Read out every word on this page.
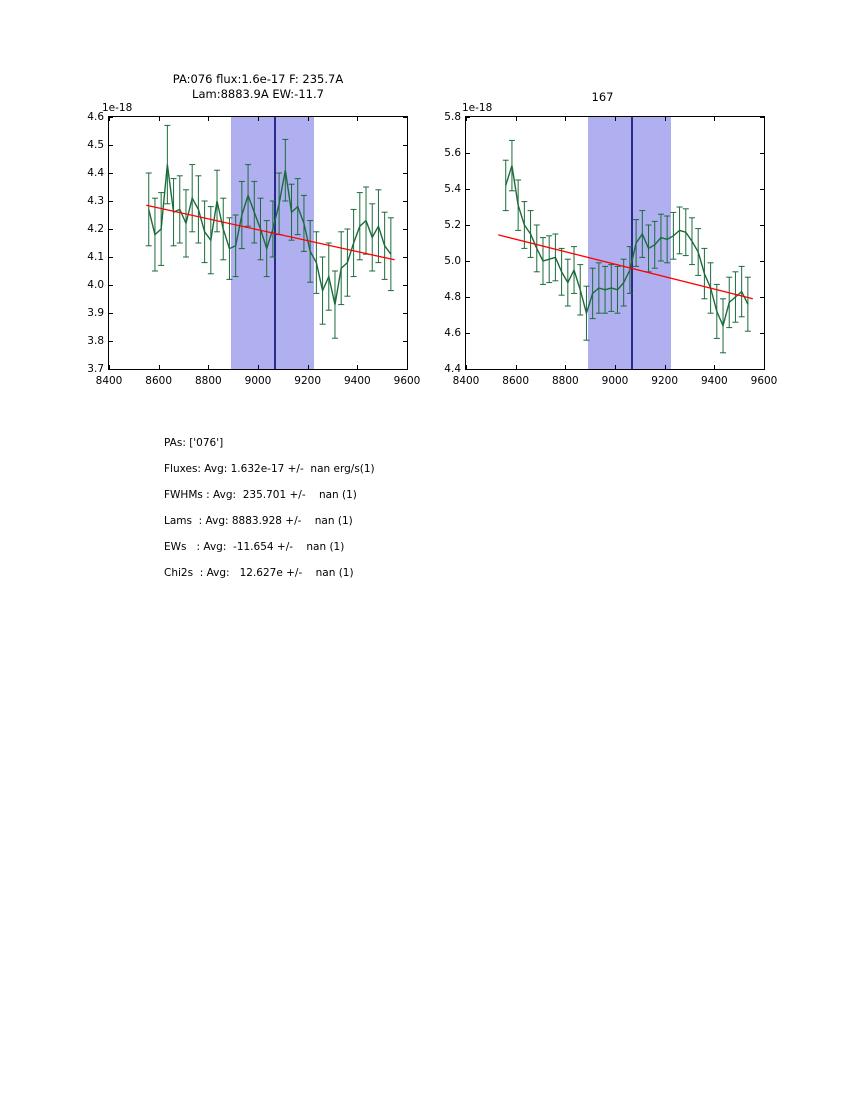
PA:076 flux:1.6e-17 F: 235.7A
Lam:8883.9A EW:-11.7
1e-18
3.7
3.8
3.9
4.0
4.1
4.2
4.3
4.4
4.5
4.6
8400 8600 8800 9000 9200 9400 9600
167
1e-18
4.4
4.6
4.8
5.0
5.2
5.4
5.6
5.8
8400 8600 8800 9000 9200 9400 9600
PAs: ['076']
Fluxes: Avg: 1.632e-17 +/-  nan erg/s(1)
FWHMs : Avg:  235.701 +/-    nan (1)
Lams  : Avg: 8883.928 +/-    nan (1)
EWs   : Avg:  -11.654 +/-    nan (1)
Chi2s  : Avg:   12.627e +/-    nan (1)
